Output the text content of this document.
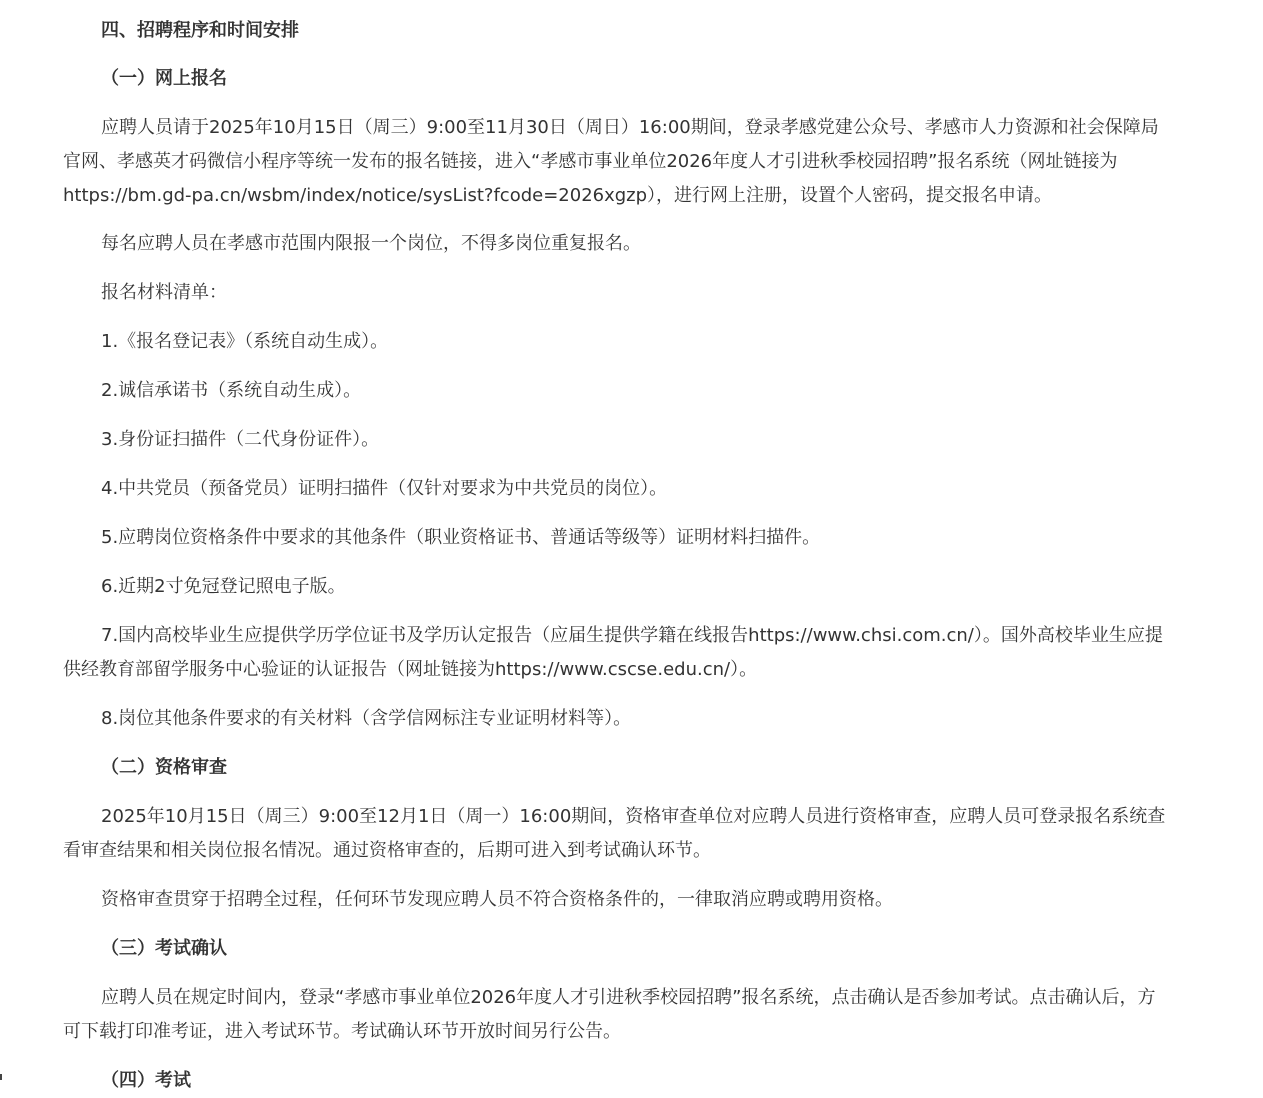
四、招聘程序和时间安排
（一）网上报名
应聘人员请于2025年10月15日（周三）9:00至11月30日（周日）16:00期间，登录孝感党建公众号、孝感市人力资源和社会保障局
官网、孝感英才码微信小程序等统一发布的报名链接，进入“孝感市事业单位2026年度人才引进秋季校园招聘”报名系统（网址链接为
https://bm.gd-pa.cn/wsbm/index/notice/sysList?fcode=2026xgzp），进行网上注册，设置个人密码，提交报名申请。
每名应聘人员在孝感市范围内限报一个岗位，不得多岗位重复报名。
报名材料清单：
1.《报名登记表》（系统自动生成）。
2.诚信承诺书（系统自动生成）。
3.身份证扫描件（二代身份证件）。
4.中共党员（预备党员）证明扫描件（仅针对要求为中共党员的岗位）。
5.应聘岗位资格条件中要求的其他条件（职业资格证书、普通话等级等）证明材料扫描件。
6.近期2寸免冠登记照电子版。
7.国内高校毕业生应提供学历学位证书及学历认定报告（应届生提供学籍在线报告https://www.chsi.com.cn/）。国外高校毕业生应提
供经教育部留学服务中心验证的认证报告（网址链接为https://www.cscse.edu.cn/）。
8.岗位其他条件要求的有关材料（含学信网标注专业证明材料等）。
（二）资格审查
2025年10月15日（周三）9:00至12月1日（周一）16:00期间，资格审查单位对应聘人员进行资格审查，应聘人员可登录报名系统查
看审查结果和相关岗位报名情况。通过资格审查的，后期可进入到考试确认环节。
资格审查贯穿于招聘全过程，任何环节发现应聘人员不符合资格条件的，一律取消应聘或聘用资格。
（三）考试确认
应聘人员在规定时间内，登录“孝感市事业单位2026年度人才引进秋季校园招聘”报名系统，点击确认是否参加考试。点击确认后，方
可下载打印准考证，进入考试环节。考试确认环节开放时间另行公告。
（四）考试
